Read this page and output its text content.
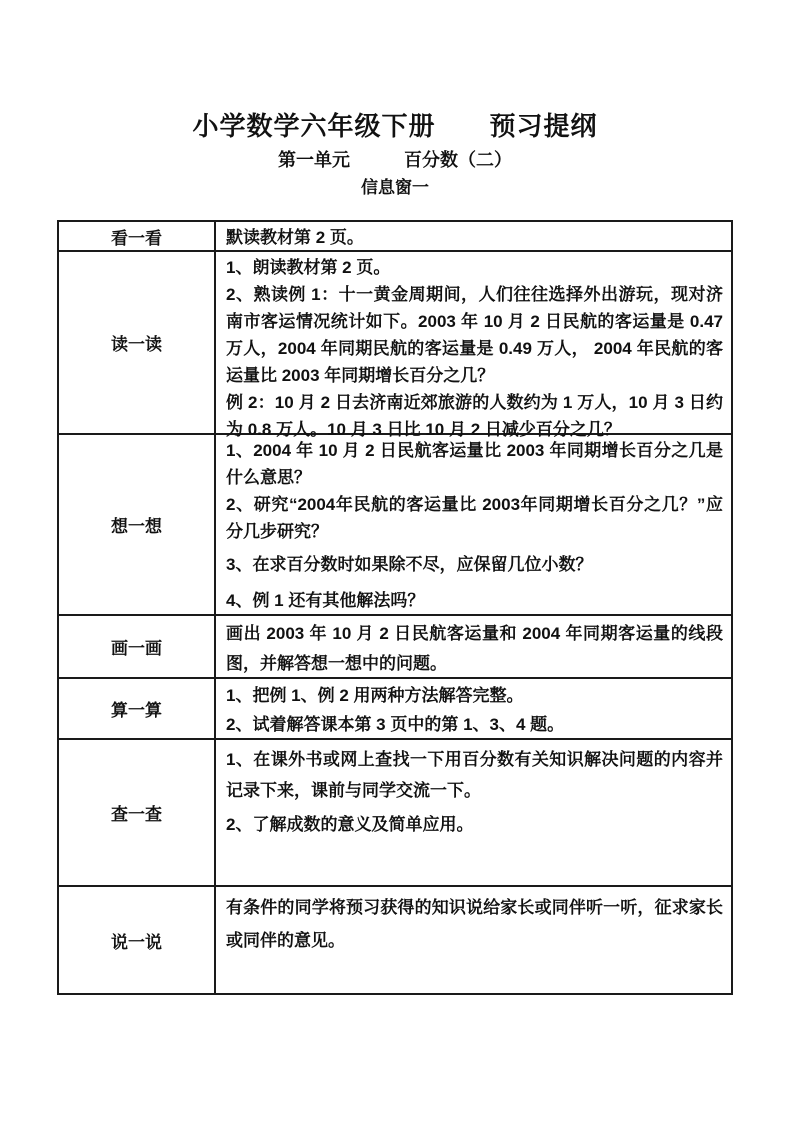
小学数学六年级下册　　预习提纲
第一单元　　　百分数（二）
信息窗一
看一看	默读教材第 2 页。

读一读

1、朗读教材第 2 页。

2、熟读例 1：十一黄金周期间，人们往往选择外出游玩，现对济南市客运情况统计如下。2003 年 10 月 2 日民航的客运量是 0.47 万人，2004 年同期民航的客运量是 0.49 万人， 2004 年民航的客运量比 2003 年同期增长百分之几？

例 2：10 月 2 日去济南近郊旅游的人数约为 1 万人，10 月 3 日约为 0.8 万人。10 月 3 日比 10 月 2 日减少百分之几？

想一想

1、2004 年 10 月 2 日民航客运量比 2003 年同期增长百分之几是什么意思？

2、研究“2004年民航的客运量比 2003年同期增长百分之几？”应分几步研究？

3、在求百分数时如果除不尽，应保留几位小数？

4、例 1 还有其他解法吗？

画一画

画出 2003 年 10 月 2 日民航客运量和 2004 年同期客运量的线段图，并解答想一想中的问题。

算一算

1、把例 1、例 2 用两种方法解答完整。

2、试着解答课本第 3 页中的第 1、3、4 题。

查一查

1、在课外书或网上查找一下用百分数有关知识解决问题的内容并记录下来，课前与同学交流一下。

2、了解成数的意义及简单应用。

说一说

有条件的同学将预习获得的知识说给家长或同伴听一听，征求家长或同伴的意见。
